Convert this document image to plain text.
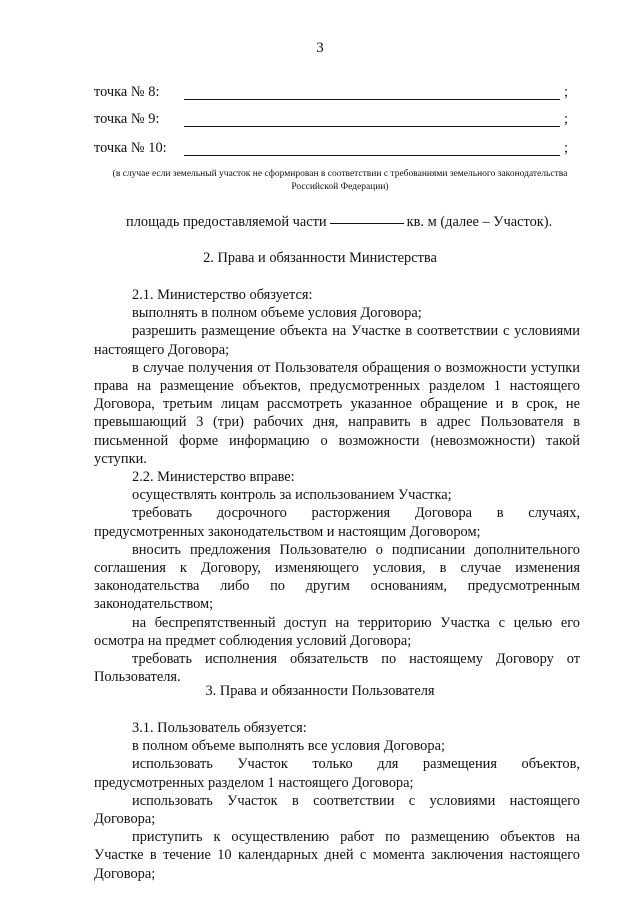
3
точка № 8:	;
точка № 9:	;
точка № 10:	;
(в случае если земельный участок не сформирован в соответствии с требованиями земельного законодательства Российской Федерации)
площадь предоставляемой части	кв. м (далее – Участок).
2. Права и обязанности Министерства

2.1. Министерство обязуется:

выполнять в полном объеме условия Договора;

разрешить размещение объекта на Участке в соответствии с условиями настоящего Договора;

в случае получения от Пользователя обращения о возможности уступки права на размещение объектов, предусмотренных разделом 1 настоящего Договора, третьим лицам рассмотреть указанное обращение и в срок, не превышающий 3 (три) рабочих дня, направить в адрес Пользователя в письменной форме информацию о возможности (невозможности) такой уступки.

2.2. Министерство вправе:

осуществлять контроль за использованием Участка;

требовать досрочного расторжения Договора в случаях, предусмотренных законодательством и настоящим Договором;

вносить предложения Пользователю о подписании дополнительного соглашения к Договору, изменяющего условия, в случае изменения законодательства либо по другим основаниям, предусмотренным законодательством;

на беспрепятственный доступ на территорию Участка с целью его осмотра на предмет соблюдения условий Договора;

требовать исполнения обязательств по настоящему Договору от Пользователя.

3. Права и обязанности Пользователя

3.1. Пользователь обязуется:

в полном объеме выполнять все условия Договора;

использовать Участок только для размещения объектов, предусмотренных разделом 1 настоящего Договора;

использовать Участок в соответствии с условиями настоящего Договора;

приступить к осуществлению работ по размещению объектов на Участке в течение 10 календарных дней с момента заключения настоящего Договора;
